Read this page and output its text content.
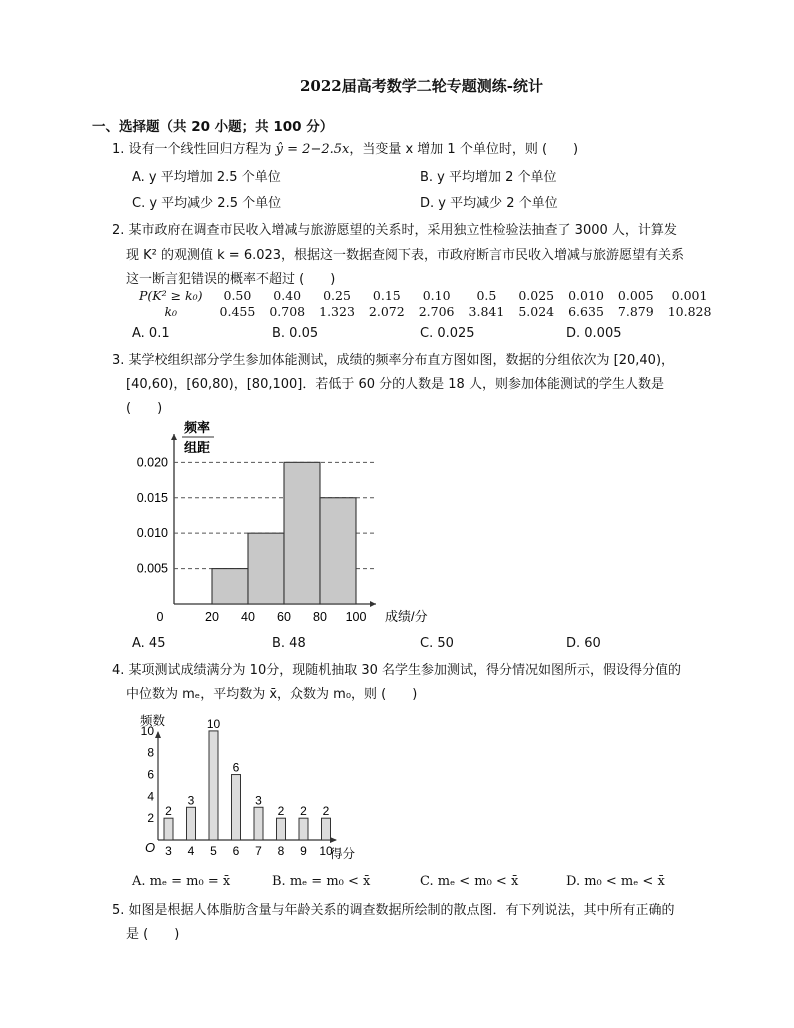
2022届高考数学二轮专题测练-统计
一、选择题（共 20 小题；共 100 分）
1. 设有一个线性回归方程为 ŷ = 2−2.5x，当变量 x 增加 1 个单位时，则 (　　)
A. y 平均增加 2.5 个单位	B. y 平均增加 2 个单位
C. y 平均减少 2.5 个单位	D. y 平均减少 2 个单位
2. 某市政府在调查市民收入增减与旅游愿望的关系时，采用独立性检验法抽查了 3000 人，计算发
现 K² 的观测值 k = 6.023，根据这一数据查阅下表，市政府断言市民收入增减与旅游愿望有关系
这一断言犯错误的概率不超过 (　　)
P(K² ≥ k₀)	0.50	0.40	0.25	0.15	0.10	0.5	0.025	0.010	0.005	0.001
k₀	0.455	0.708	1.323	2.072	2.706	3.841	5.024	6.635	7.879	10.828
A. 0.1	B. 0.05	C. 0.025	D. 0.005
3. 某学校组织部分学生参加体能测试，成绩的频率分布直方图如图，数据的分组依次为 [20,40)，
[40,60)，[60,80)，[80,100]．若低于 60 分的人数是 18 人，则参加体能测试的学生人数是
(　　)
频率
组距
0.005
0.010
0.015
0.020
20 40 60 80 100
0	成绩/分
A. 45	B. 48	C. 50	D. 60
4. 某项测试成绩满分为 10分，现随机抽取 30 名学生参加测试，得分情况如图所示，假设得分值的
中位数为 mₑ，平均数为 x̄，众数为 m₀，则 (　　)
频数
2
4
6
8
10
2
3
3
4
10
5
6
6
3
7
2
8
2
9
2
10
O	得分
A. mₑ = m₀ = x̄	B. mₑ = m₀ < x̄	C. mₑ < m₀ < x̄	D. m₀ < mₑ < x̄
5. 如图是根据人体脂肪含量与年龄关系的调查数据所绘制的散点图．有下列说法，其中所有正确的
是 (　　)
